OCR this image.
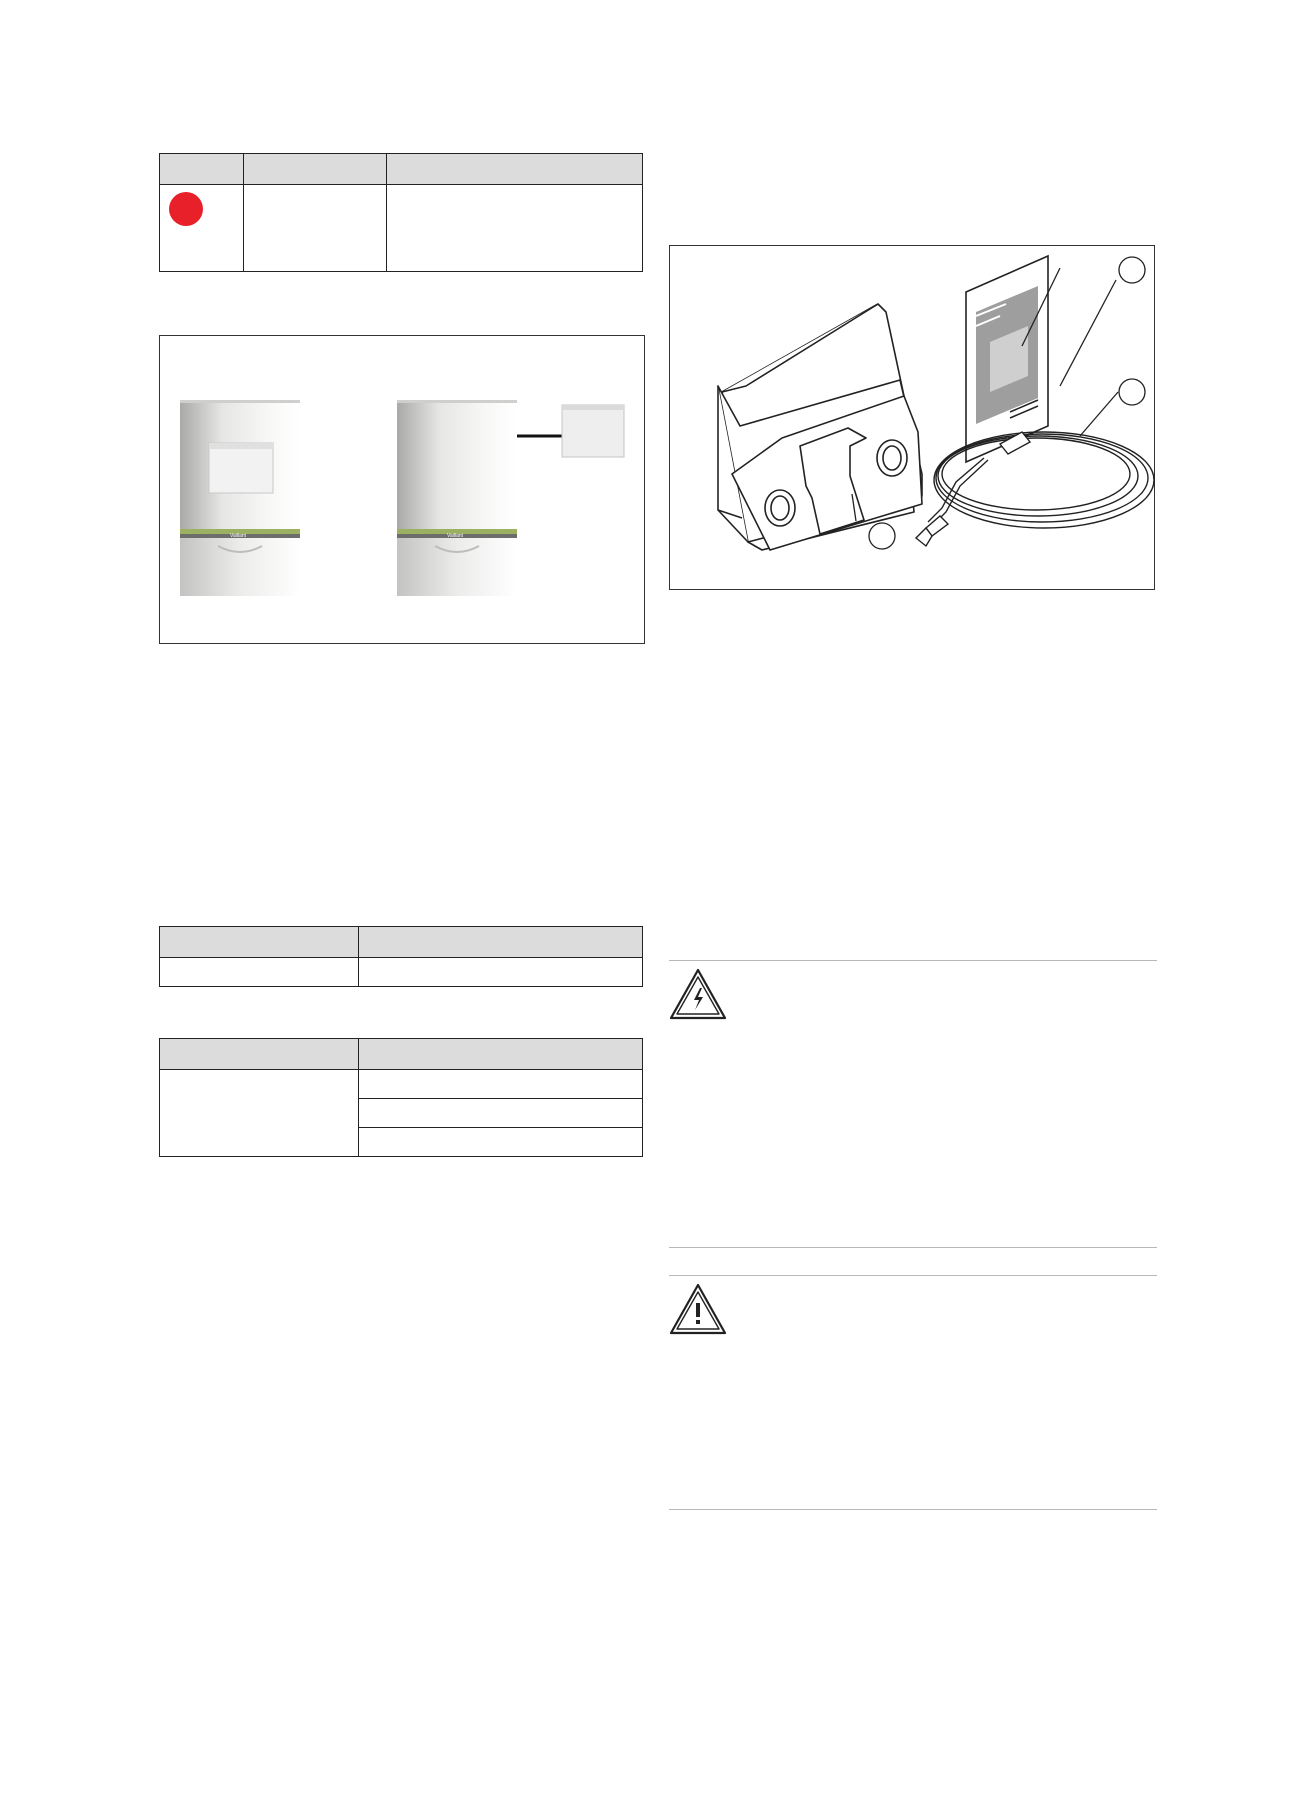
Vaillant	Vaillant
